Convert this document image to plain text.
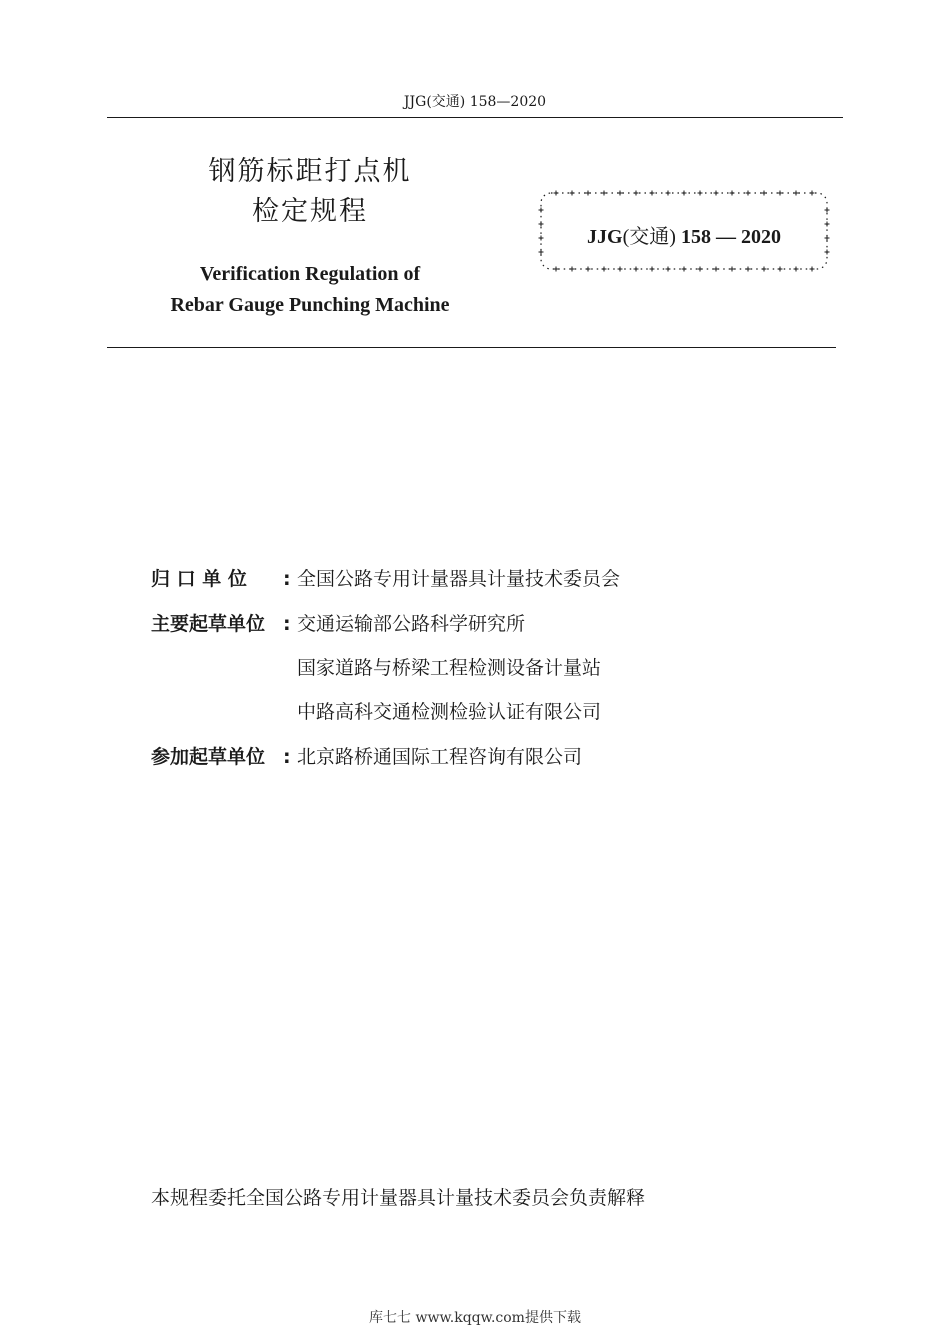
JJG(交通) 158—2020
钢筋标距打点机
检定规程
Verification Regulation of
Rebar Gauge Punching Machine
JJG(交通) 158 — 2020
归 口 单 位 : 全国公路专用计量器具计量技术委员会
主要起草单位 : 交通运输部公路科学研究所
国家道路与桥梁工程检测设备计量站
中路高科交通检测检验认证有限公司
参加起草单位 : 北京路桥通国际工程咨询有限公司
本规程委托全国公路专用计量器具计量技术委员会负责解释
库七七 www.kqqw.com提供下载
